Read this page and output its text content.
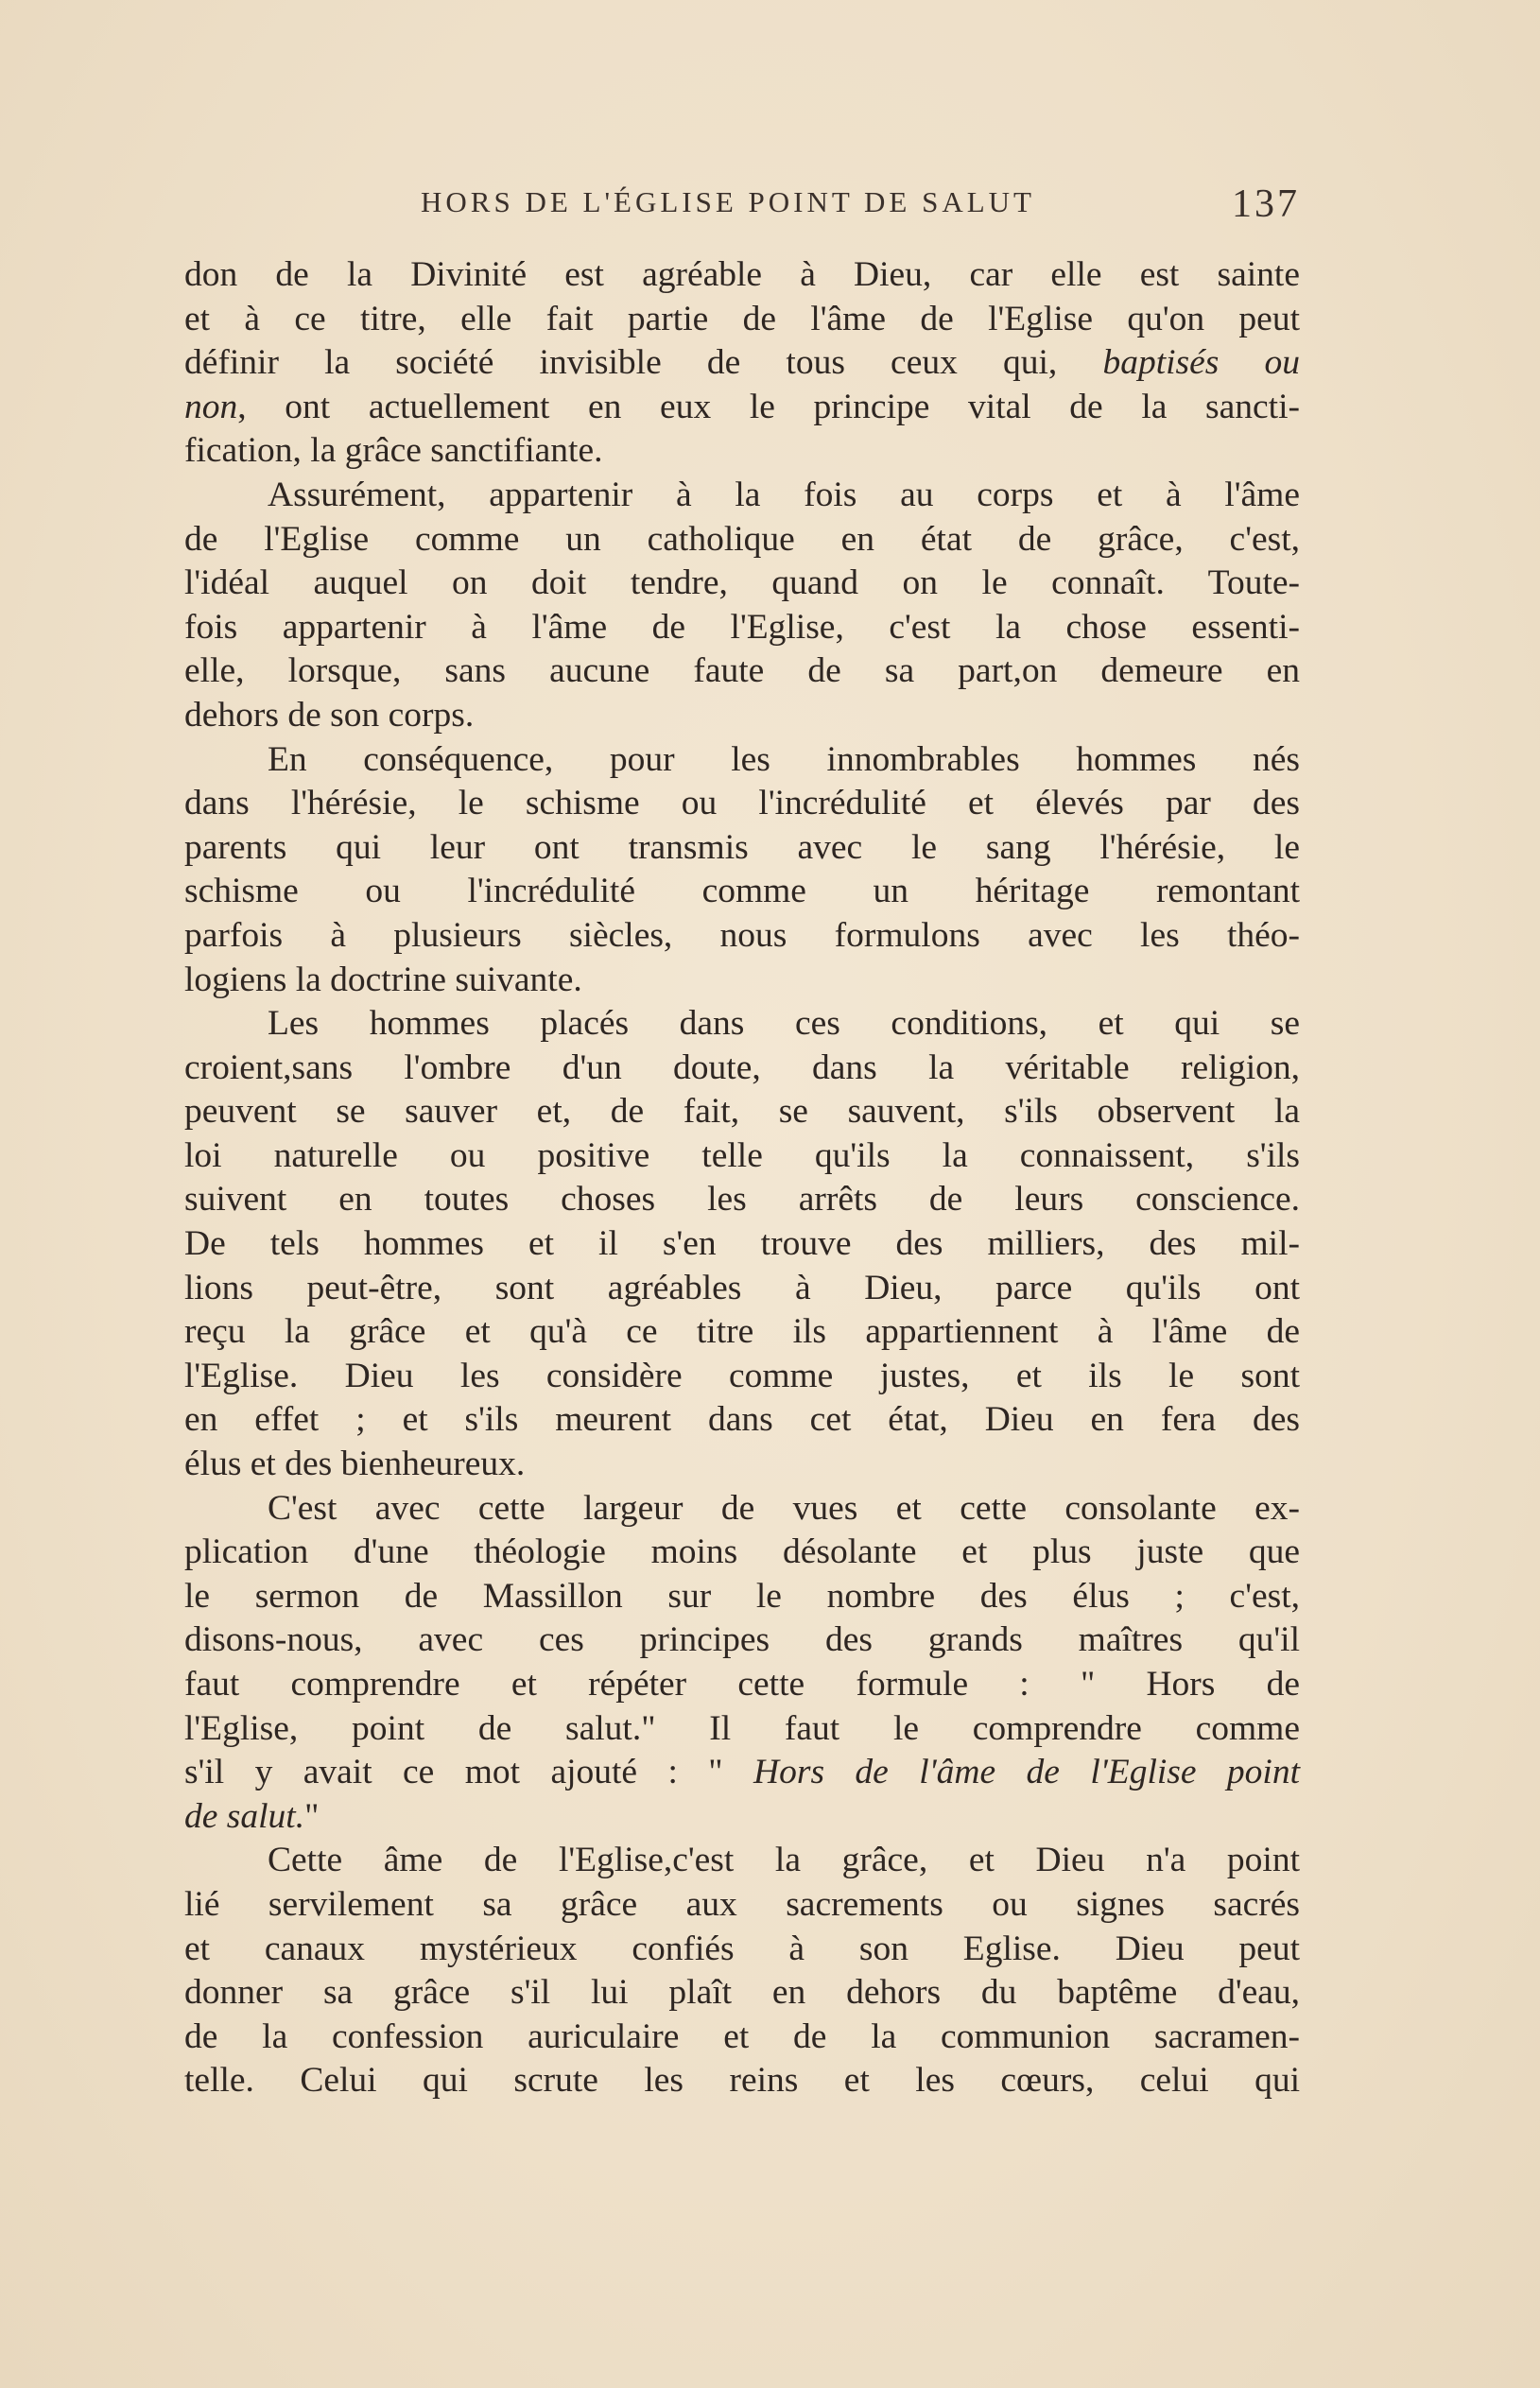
HORS DE L'ÉGLISE POINT DE SALUT	137
don de la Divinité est agréable à Dieu, car elle est sainte
et à ce titre, elle fait partie de l'âme de l'Eglise qu'on peut
définir la société invisible de tous ceux qui, baptisés ou
non, ont actuellement en eux le principe vital de la sancti-
fication, la grâce sanctifiante.
Assurément, appartenir à la fois au corps et à l'âme
de l'Eglise comme un catholique en état de grâce, c'est,
l'idéal auquel on doit tendre, quand on le connaît. Toute-
fois appartenir à l'âme de l'Eglise, c'est la chose essenti-
elle, lorsque, sans aucune faute de sa part,on demeure en
dehors de son corps.
En conséquence, pour les innombrables hommes nés
dans l'hérésie, le schisme ou l'incrédulité et élevés par des
parents qui leur ont transmis avec le sang l'hérésie, le
schisme ou l'incrédulité comme un héritage remontant
parfois à plusieurs siècles, nous formulons avec les théo-
logiens la doctrine suivante.
Les hommes placés dans ces conditions, et qui se
croient,sans l'ombre d'un doute, dans la véritable religion,
peuvent se sauver et, de fait, se sauvent, s'ils observent la
loi naturelle ou positive telle qu'ils la connaissent, s'ils
suivent en toutes choses les arrêts de leurs conscience.
De tels hommes et il s'en trouve des milliers, des mil-
lions peut-être, sont agréables à Dieu, parce qu'ils ont
reçu la grâce et qu'à ce titre ils appartiennent à l'âme de
l'Eglise. Dieu les considère comme justes, et ils le sont
en effet ; et s'ils meurent dans cet état, Dieu en fera des
élus et des bienheureux.
C'est avec cette largeur de vues et cette consolante ex-
plication d'une théologie moins désolante et plus juste que
le sermon de Massillon sur le nombre des élus ; c'est,
disons-nous, avec ces principes des grands maîtres qu'il
faut comprendre et répéter cette formule : " Hors de
l'Eglise, point de salut." Il faut le comprendre comme
s'il y avait ce mot ajouté : " Hors de l'âme de l'Eglise point
de salut."
Cette âme de l'Eglise,c'est la grâce, et Dieu n'a point
lié servilement sa grâce aux sacrements ou signes sacrés
et canaux mystérieux confiés à son Eglise. Dieu peut
donner sa grâce s'il lui plaît en dehors du baptême d'eau,
de la confession auriculaire et de la communion sacramen-
telle. Celui qui scrute les reins et les cœurs, celui qui
